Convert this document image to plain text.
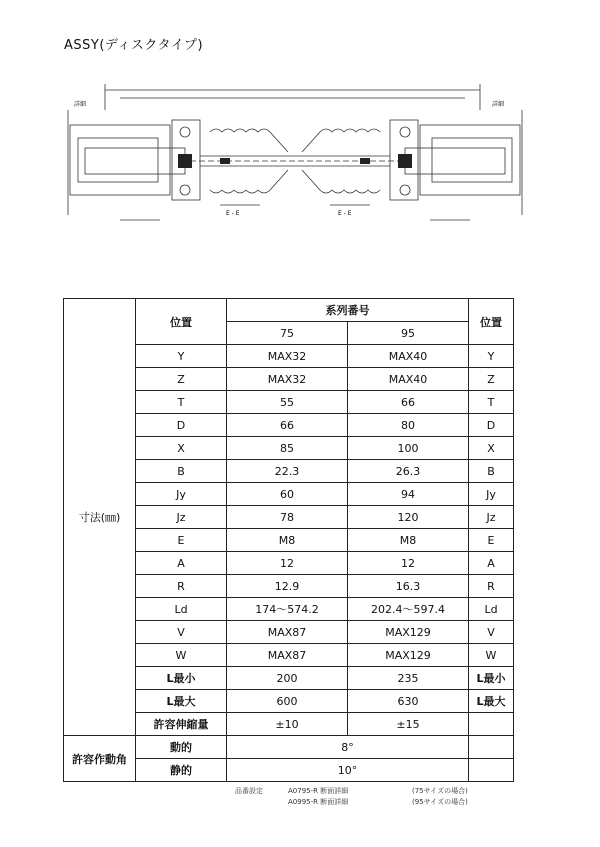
ASSY(ディスクタイプ)
詳細	詳細
E - E	E - E
寸法(㎜)	位置	系列番号		位置
		75	95	
	Y	MAX32	MAX40	Y
	Z	MAX32	MAX40	Z
	T	55	66	T
	D	66	80	D
	X	85	100	X
	B	22.3	26.3	B
	Jy	60	94	Jy
	Jz	78	120	Jz
	E	M8	M8	E
	A	12	12	A
	R	12.9	16.3	R
	Ld	174～574.2	202.4～597.4	Ld
	V	MAX87	MAX129	V
	W	MAX87	MAX129	W
	L最小	200	235	L最小
	L最大	600	630	L最大
	許容伸縮量	±10	±15	
許容作動角	動的	8°		
	静的	10°		
品番設定	A0795-R 断面詳細	(75サイズの場合)
A0995-R 断面詳細	(95サイズの場合)
